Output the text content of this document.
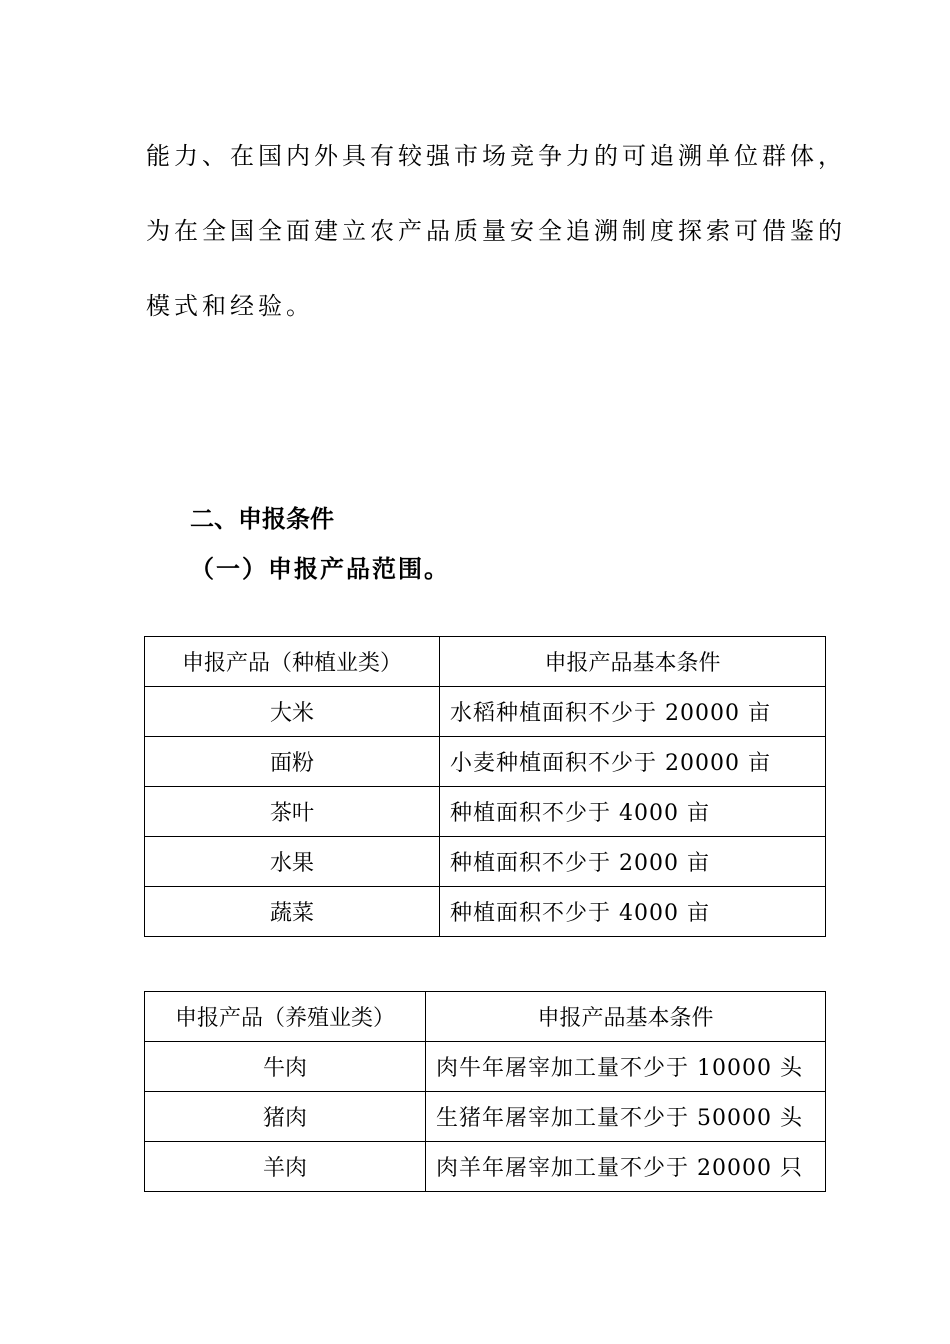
能力、在国内外具有较强市场竞争力的可追溯单位群体，

为在全国全面建立农产品质量安全追溯制度探索可借鉴的

模式和经验。

二、申报条件
（一）申报产品范围。
申报产品（种植业类）	申报产品基本条件
大米	水稻种植面积不少于 20000 亩
面粉	小麦种植面积不少于 20000 亩
茶叶	种植面积不少于 4000 亩
水果	种植面积不少于 2000 亩
蔬菜	种植面积不少于 4000 亩
申报产品（养殖业类）	申报产品基本条件
牛肉	肉牛年屠宰加工量不少于 10000 头
猪肉	生猪年屠宰加工量不少于 50000 头
羊肉	肉羊年屠宰加工量不少于 20000 只
